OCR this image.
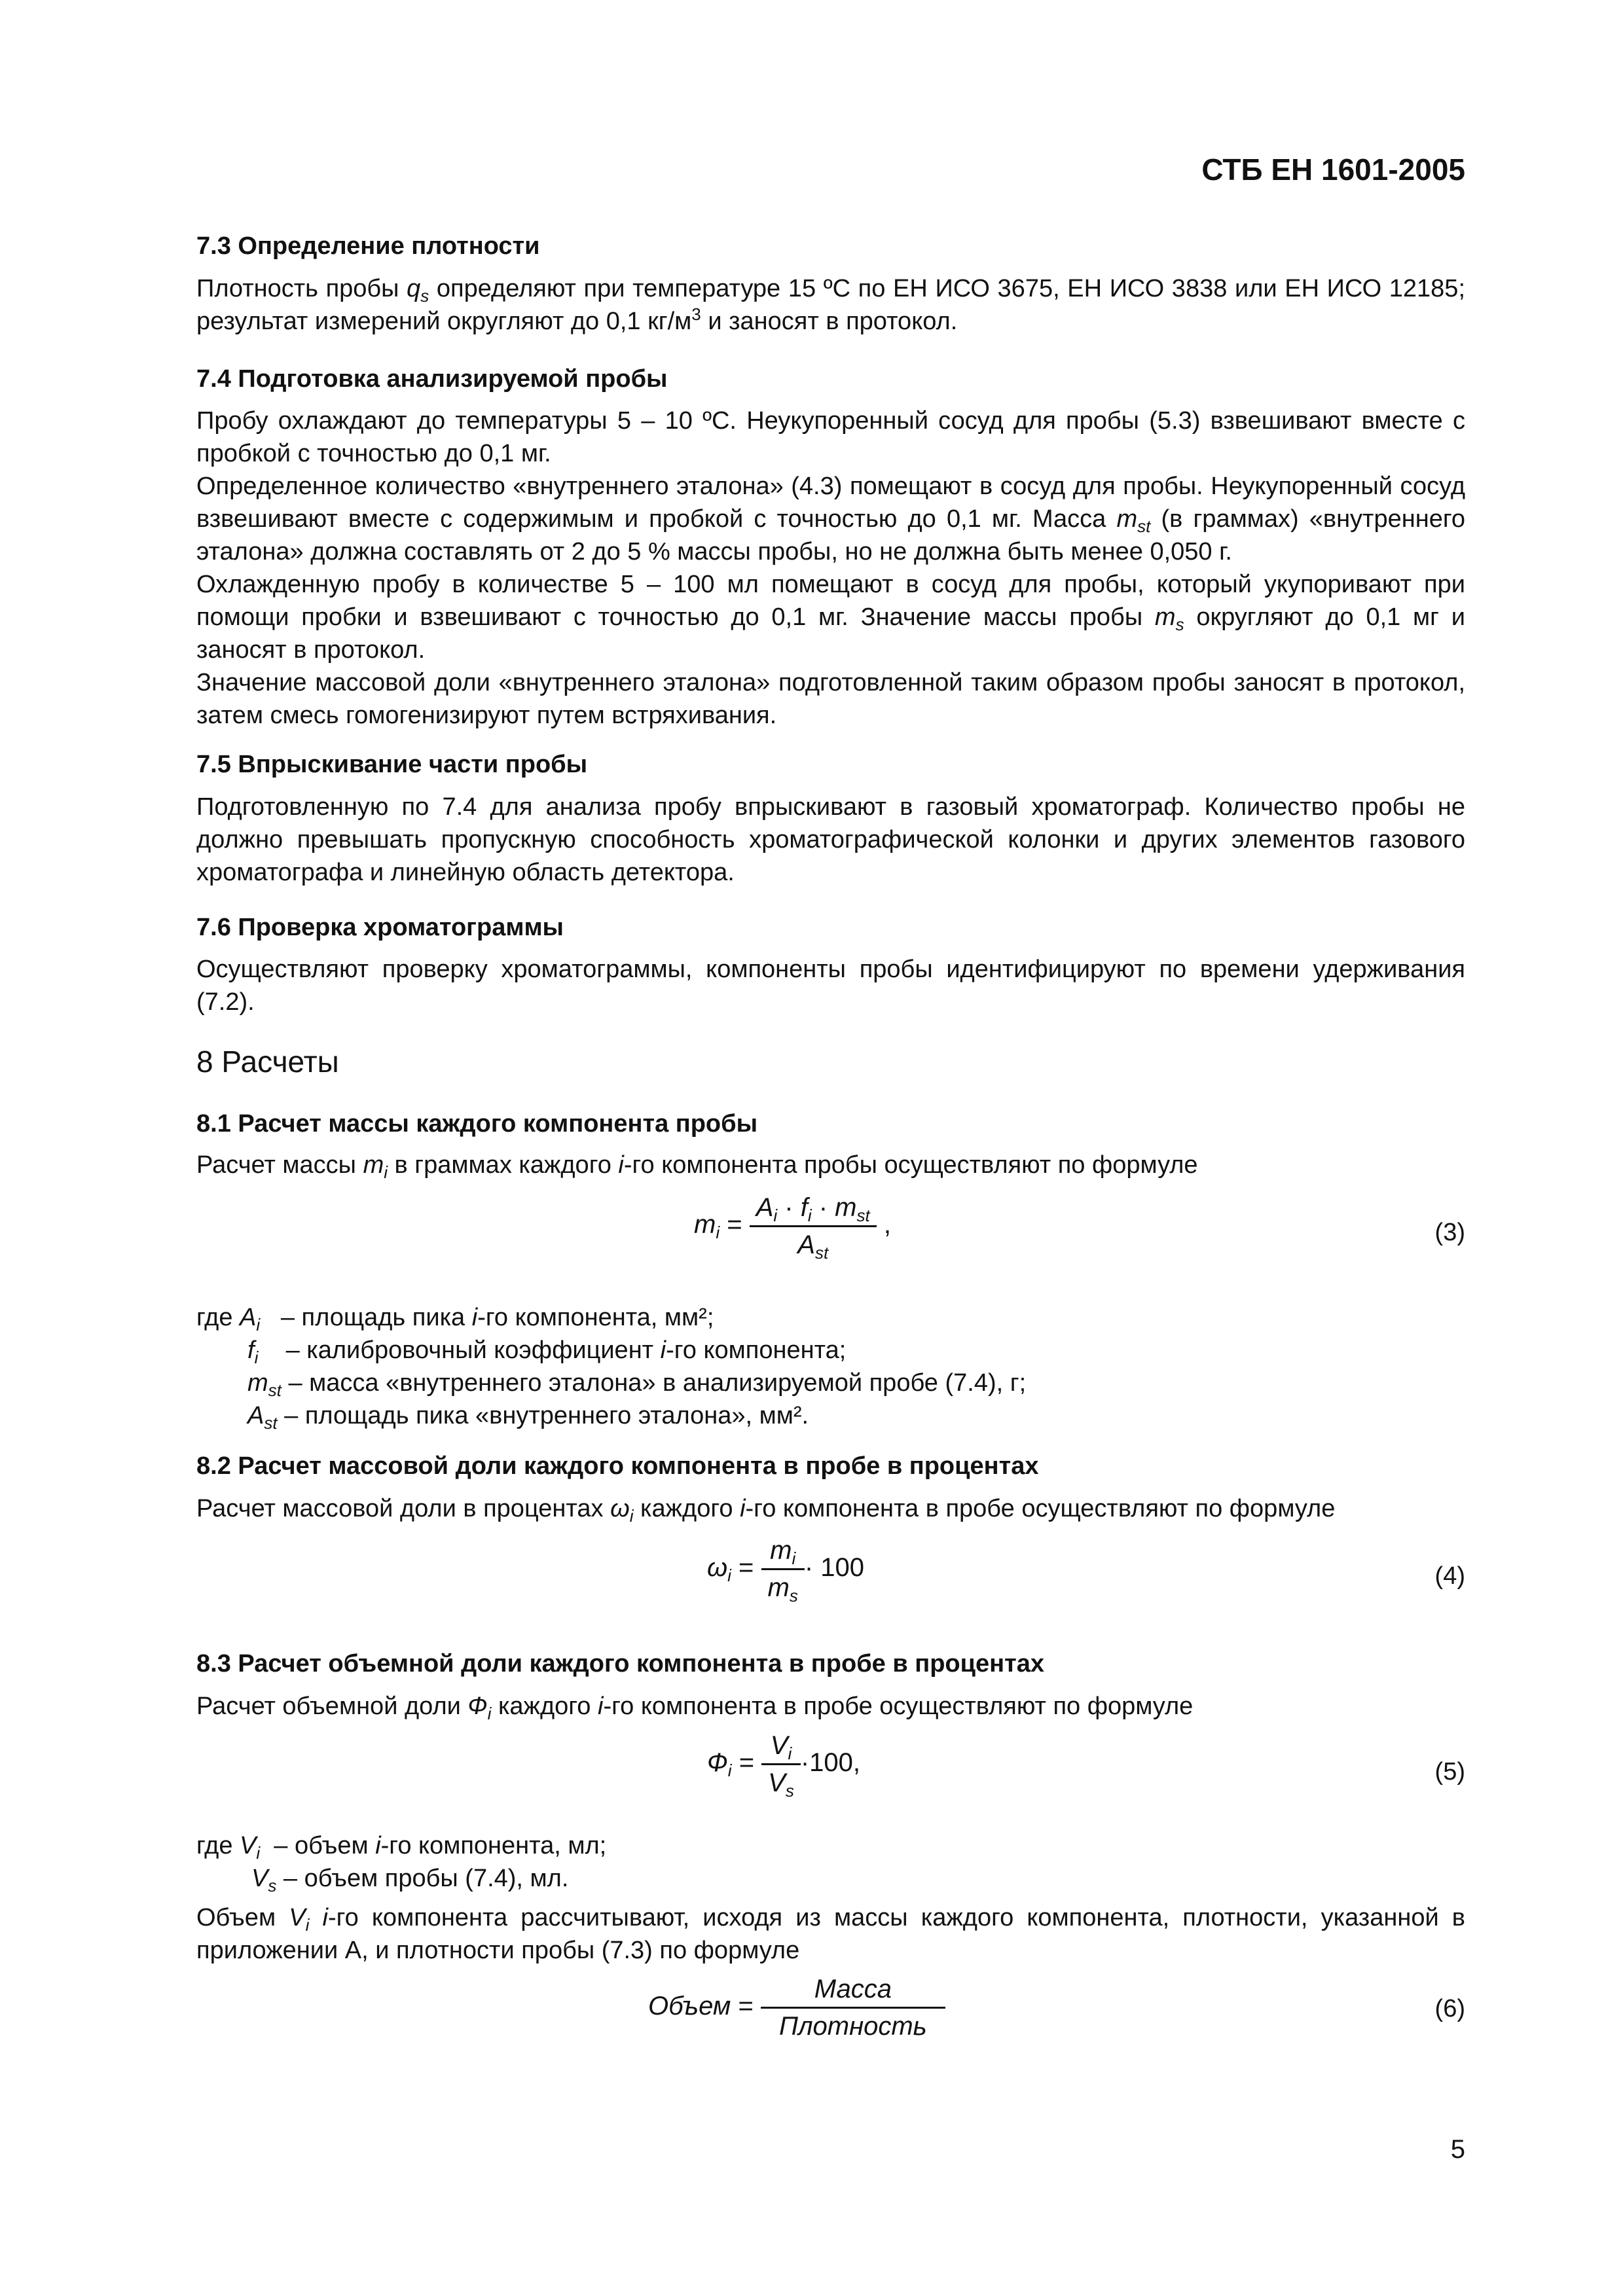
СТБ ЕН 1601-2005
7.3 Определение плотности

Плотность пробы $q_s$ определяют при температуре 15 ºС по ЕН ИСО 3675, ЕН ИСО 3838 или ЕН ИСО 12185; результат измерений округляют до 0,1 $кг/м^3$ и заносят в протокол.

7.4 Подготовка анализируемой пробы

Пробу охлаждают до температуры 5 – 10 ºС. Неукупоренный сосуд для пробы (5.3) взвешивают вместе с пробкой с точностью до 0,1 мг.

Определенное количество «внутреннего эталона» (4.3) помещают в сосуд для пробы. Неукупоренный сосуд взвешивают вместе с содержимым и пробкой с точностью до 0,1 мг. Масса $m_{st}$ (в граммах) «внутреннего эталона» должна составлять от 2 до 5 % массы пробы, но не должна быть менее 0,050 г.

Охлажденную пробу в количестве 5 – 100 мл помещают в сосуд для пробы, который укупоривают при помощи пробки и взвешивают с точностью до 0,1 мг. Значение массы пробы $m_s$ округляют до 0,1 мг и заносят в протокол.

Значение массовой доли «внутреннего эталона» подготовленной таким образом пробы заносят в протокол, затем смесь гомогенизируют путем встряхивания.

7.5 Впрыскивание части пробы

Подготовленную по 7.4 для анализа пробу впрыскивают в газовый хроматограф. Количество пробы не должно превышать пропускную способность хроматографической колонки и других элементов газового хроматографа и линейную область детектора.

7.6 Проверка хроматограммы

Осуществляют проверку хроматограммы, компоненты пробы идентифицируют по времени удерживания (7.2).

8 Расчеты
8.1 Расчет массы каждого компонента пробы

Расчет массы $m_i$ в граммах каждого i-го компонента пробы осуществляют по формуле

$m_i = \frac{A_i \cdot f_i \cdot m_{st}}{A_{st}}$ ,	(3)
где $A_i$ – площадь пика i-го компонента, мм²;
$f_i$ – калибровочный коэффициент i-го компонента;
$m_{st}$ – масса «внутреннего эталона» в анализируемой пробе (7.4), г;
$A_{st}$ – площадь пика «внутреннего эталона», мм².
8.2 Расчет массовой доли каждого компонента в пробе в процентах

Расчет массовой доли в процентах $\omega_i$ каждого i-го компонента в пробе осуществляют по формуле

$\omega_i = \frac{m_i}{m_s} \cdot 100$	(4)
8.3 Расчет объемной доли каждого компонента в пробе в процентах

Расчет объемной доли $Ф_i$ каждого i-го компонента в пробе осуществляют по формуле

$Ф_i = \frac{V_i}{V_s} \cdot 100$,	(5)
где $V_i$  – объем i-го компонента, мл;
$V_s$ – объем пробы (7.4), мл.

Объем $V_i$ i-го компонента рассчитывают, исходя из массы каждого компонента, плотности, указанной в приложении А, и плотности пробы (7.3) по формуле

Объем = $\frac{\text{Масса}}{\text{Плотность}}$	(6)
5
